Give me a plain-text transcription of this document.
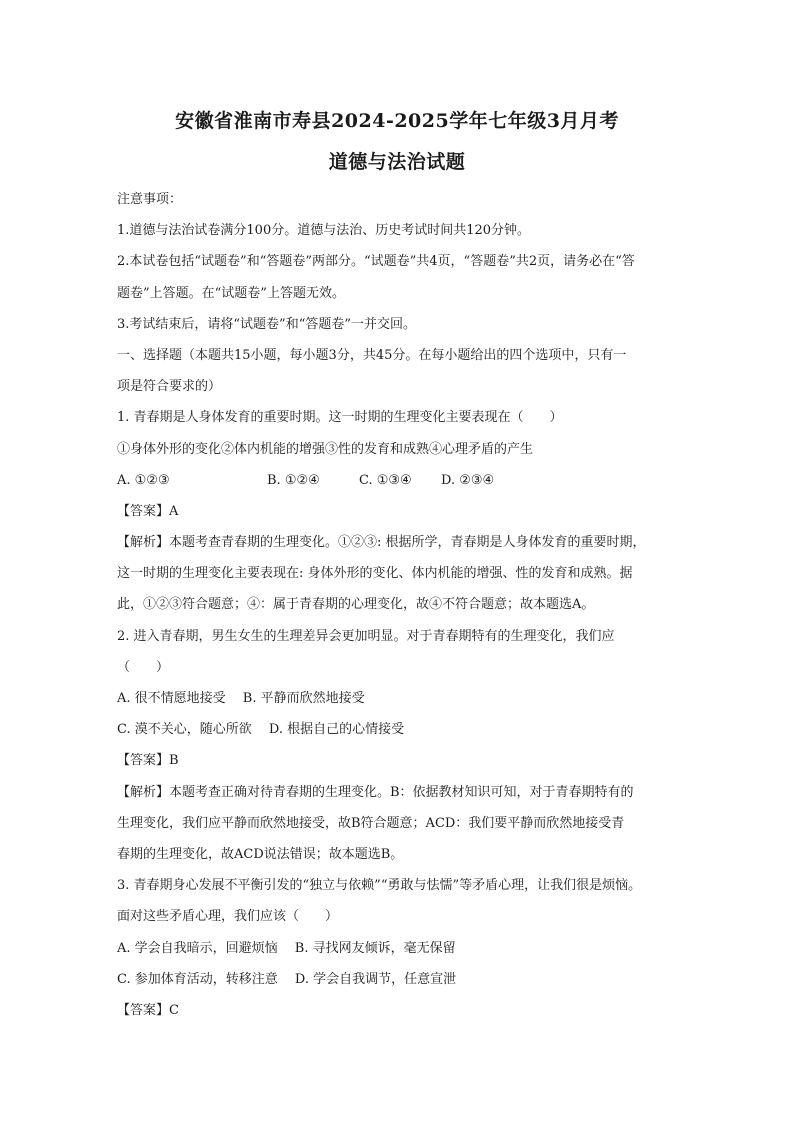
安徽省淮南市寿县2024-2025学年七年级3月月考
道德与法治试题
注意事项：
1.道德与法治试卷满分100分。道德与法治、历史考试时间共120分钟。
2.本试卷包括“试题卷”和“答题卷”两部分。“试题卷”共4页，“答题卷”共2页，请务必在“答
题卷”上答题。在“试题卷”上答题无效。
3.考试结束后，请将“试题卷”和“答题卷”一并交回。
一、选择题（本题共15小题，每小题3分，共45分。在每小题给出的四个选项中，只有一
项是符合要求的）
1. 青春期是人身体发育的重要时期。这一时期的生理变化主要表现在（　　）
①身体外形的变化②体内机能的增强③性的发育和成熟④心理矛盾的产生
A. ①②③	B. ①②④	C. ①③④ D. ②③④
【答案】A
【解析】本题考查青春期的生理变化。①②③: 根据所学，青春期是人身体发育的重要时期，
这一时期的生理变化主要表现在: 身体外形的变化、体内机能的增强、性的发育和成熟。据
此，①②③符合题意；④：属于青春期的心理变化，故④不符合题意；故本题选A。
2. 进入青春期，男生女生的生理差异会更加明显。对于青春期特有的生理变化，我们应
（　　）
A. 很不情愿地接受　 B. 平静而欣然地接受
C. 漠不关心，随心所欲　 D. 根据自己的心情接受
【答案】B
【解析】本题考查正确对待青春期的生理变化。B：依据教材知识可知，对于青春期特有的
生理变化，我们应平静而欣然地接受，故B符合题意；ACD：我们要平静而欣然地接受青
春期的生理变化，故ACD说法错误；故本题选B。
3. 青春期身心发展不平衡引发的“独立与依赖”“勇敢与怯懦”等矛盾心理，让我们很是烦恼。
面对这些矛盾心理，我们应该（　　）
A. 学会自我暗示，回避烦恼　 B. 寻找网友倾诉，毫无保留
C. 参加体育活动，转移注意　 D. 学会自我调节，任意宣泄
【答案】C
